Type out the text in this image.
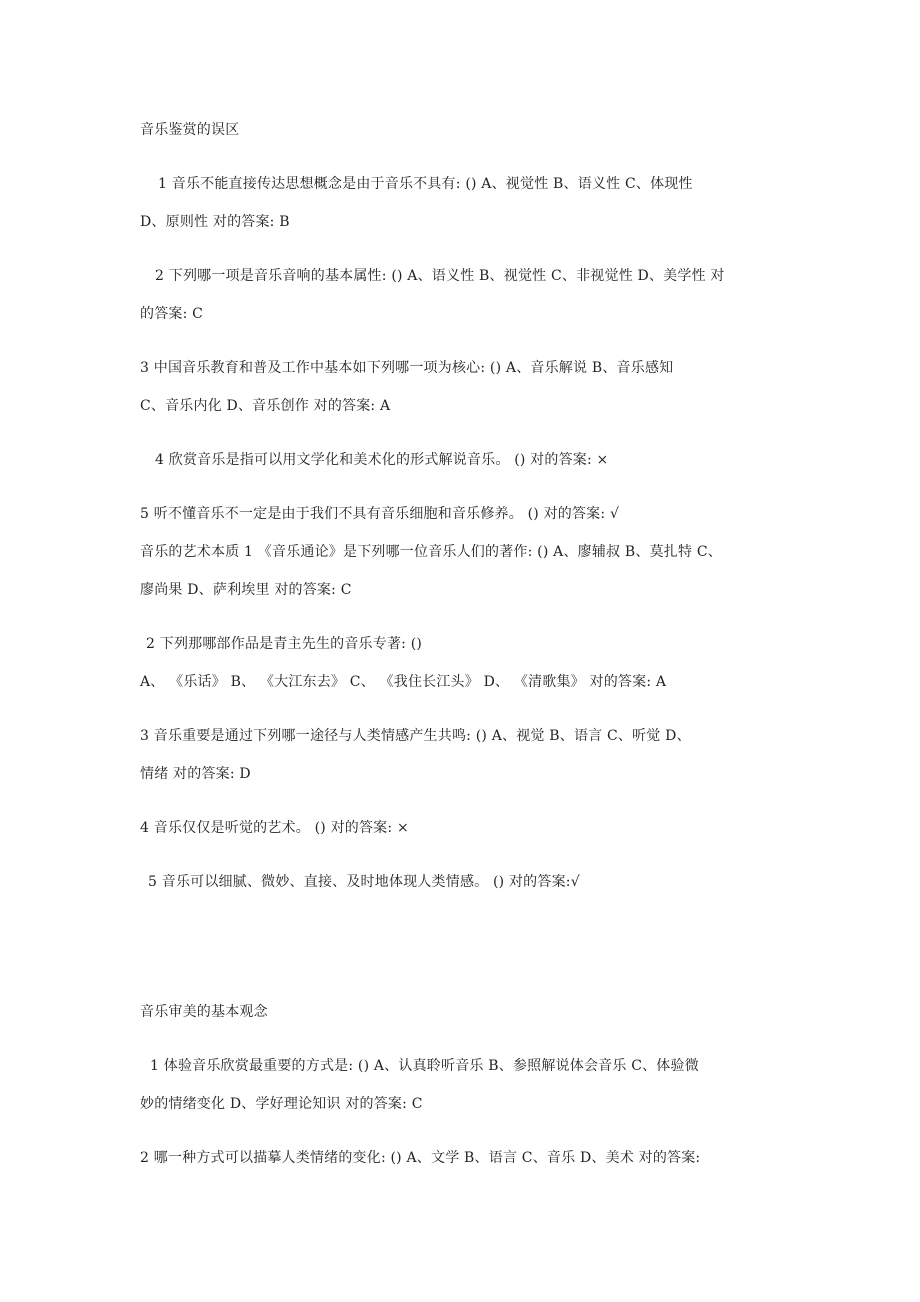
音乐鉴赏的误区
1 音乐不能直接传达思想概念是由于音乐不具有: () A、视觉性 B、语义性 C、体现性
D、原则性 对的答案: B
2 下列哪一项是音乐音响的基本属性: () A、语义性 B、视觉性 C、非视觉性 D、美学性 对
的答案: C
3 中国音乐教育和普及工作中基本如下列哪一项为核心: () A、音乐解说 B、音乐感知
C、音乐内化 D、音乐创作 对的答案: A
4 欣赏音乐是指可以用文学化和美术化的形式解说音乐。 () 对的答案: ×
5 听不懂音乐不一定是由于我们不具有音乐细胞和音乐修养。 () 对的答案: √
音乐的艺术本质 1 《音乐通论》是下列哪一位音乐人们的著作: () A、廖辅叔 B、莫扎特 C、
廖尚果 D、萨利埃里 对的答案: C
2 下列那哪部作品是青主先生的音乐专著: ()
A、 《乐话》 B、 《大江东去》 C、 《我住长江头》 D、 《清歌集》 对的答案: A
3 音乐重要是通过下列哪一途径与人类情感产生共鸣: () A、视觉 B、语言 C、听觉 D、
情绪 对的答案: D
4 音乐仅仅是听觉的艺术。 () 对的答案: ×
5 音乐可以细腻、微妙、直接、及时地体现人类情感。 () 对的答案:√
音乐审美的基本观念
1 体验音乐欣赏最重要的方式是: () A、认真聆听音乐 B、参照解说体会音乐 C、体验微
妙的情绪变化 D、学好理论知识 对的答案: C
2 哪一种方式可以描摹人类情绪的变化: () A、文学 B、语言 C、音乐 D、美术 对的答案:
